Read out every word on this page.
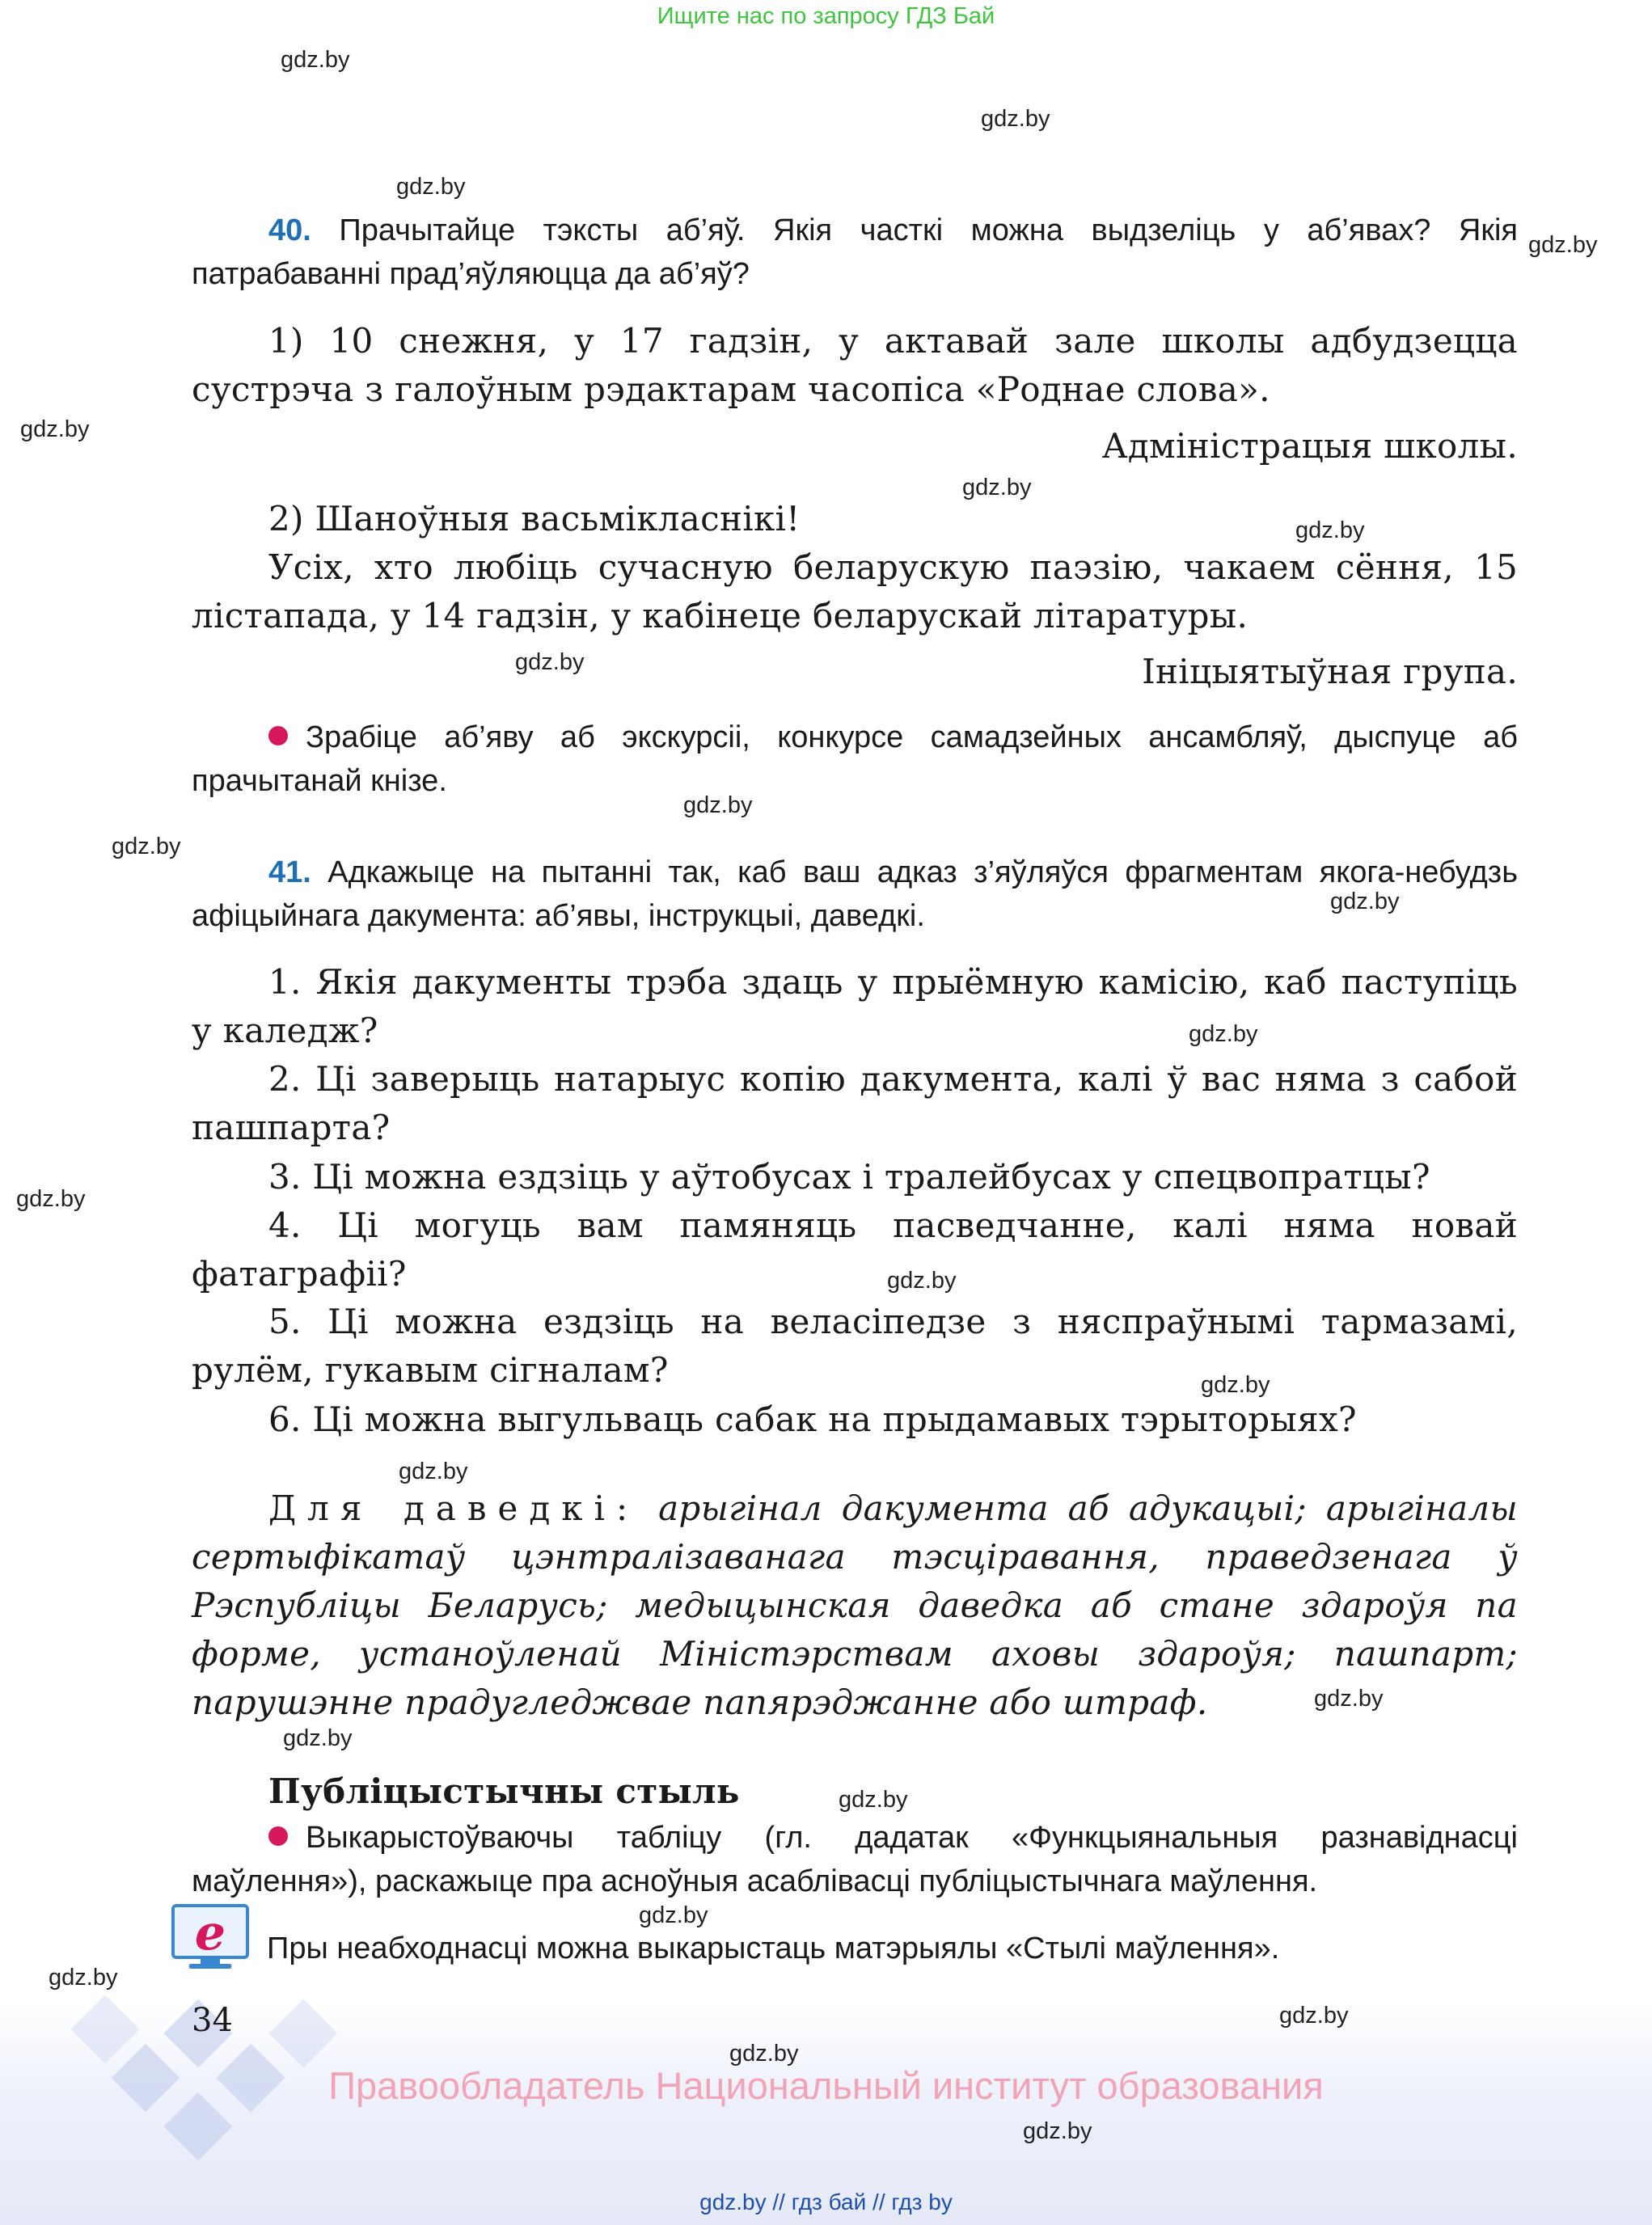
Ищите нас по запросу ГДЗ Бай
gdz.by
gdz.by
gdz.by
gdz.by
gdz.by
gdz.by
gdz.by
gdz.by
gdz.by
gdz.by
gdz.by
gdz.by
gdz.by
gdz.by
gdz.by
gdz.by
gdz.by
gdz.by
gdz.by
gdz.by
gdz.by
40. Прачытайце тэксты аб’яў. Якія часткі можна выдзеліць у аб’явах? Якія патрабаванні прад’яўляюцца да аб’яў?
1) 10 снежня, у 17 гадзін, у актавай зале школы адбудзецца сустрэча з галоўным рэдактарам часопіса «Роднае слова».
Адміністрацыя школы.
2) Шаноўныя васьмікласнікі!
Усіх, хто любіць сучасную беларускую паэзію, чакаем сёння, 15 лістапада, у 14 гадзін, у кабінеце беларускай літаратуры.
Ініцыятыўная група.
Зрабіце аб’яву аб экскурсіі, конкурсе самадзейных ансамбляў, дыспуце аб прачытанай кнізе.
41. Адкажыце на пытанні так, каб ваш адказ з’яўляўся фрагментам якога-небудзь афіцыйнага дакумента: аб’явы, інструкцыі, даведкі.
1. Якія дакументы трэба здаць у прыёмную камісію, каб паступіць у каледж?
2. Ці заверыць натарыус копію дакумента, калі ў вас няма з сабой пашпарта?
3. Ці можна ездзіць у аўтобусах і тралейбусах у спецвопратцы?
4. Ці могуць вам памяняць пасведчанне, калі няма новай фатаграфіі?
5. Ці можна ездзіць на веласіпедзе з няспраўнымі тармазамі, рулём, гукавым сігналам?
6. Ці можна выгульваць сабак на прыдамавых тэрыторыях?
Для даведкі: арыгінал дакумента аб адукацыі; арыгіналы сертыфікатаў цэнтралізаванага тэсціравання, праведзенага ў Рэспубліцы Беларусь; медыцынская даведка аб стане здароўя па форме, устаноўленай Міністэрствам аховы здароўя; пашпарт; парушэнне прадугледжвае папярэджанне або штраф.
Публіцыстычны стыль
Выкарыстоўваючы табліцу (гл. дадатак «Функцыянальныя разнавіднасці маўлення»), раскажыце пра асноўныя асаблівасці публіцыстычнага маўлення.
e Пры неабходнасці можна выкарыстаць матэрыялы «Стылі маўлення».
34
Правообладатель Национальный институт образования
gdz.by
gdz.by
gdz.by
gdz.by // гдз бай // гдз by
